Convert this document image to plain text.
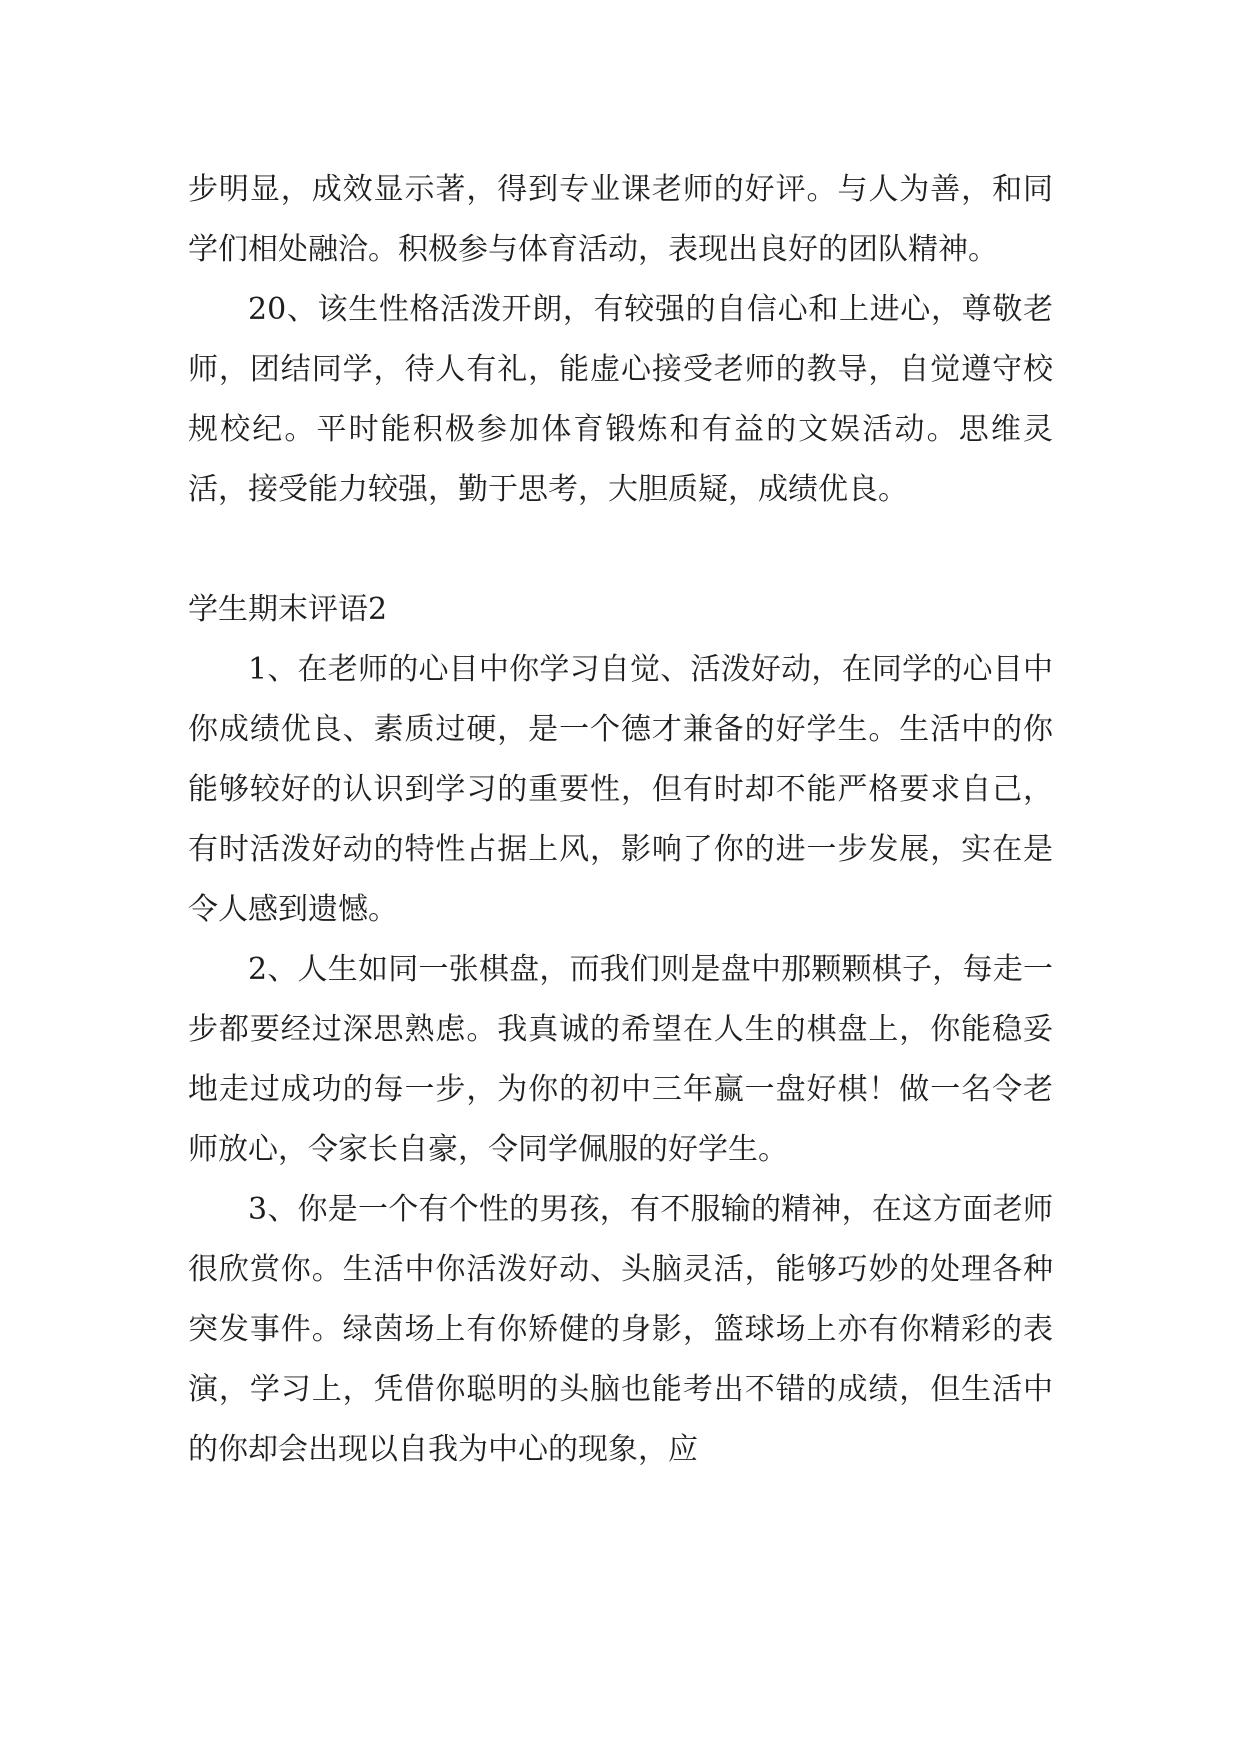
步明显，成效显示著，得到专业课老师的好评。与人为善，和同学们相处融洽。积极参与体育活动，表现出良好的团队精神。

20、该生性格活泼开朗，有较强的自信心和上进心，尊敬老师，团结同学，待人有礼，能虚心接受老师的教导，自觉遵守校规校纪。平时能积极参加体育锻炼和有益的文娱活动。思维灵活，接受能力较强，勤于思考，大胆质疑，成绩优良。

学生期末评语2

1、在老师的心目中你学习自觉、活泼好动，在同学的心目中你成绩优良、素质过硬，是一个德才兼备的好学生。生活中的你能够较好的认识到学习的重要性，但有时却不能严格要求自己，有时活泼好动的特性占据上风，影响了你的进一步发展，实在是令人感到遗憾。

2、人生如同一张棋盘，而我们则是盘中那颗颗棋子，每走一步都要经过深思熟虑。我真诚的希望在人生的棋盘上，你能稳妥地走过成功的每一步，为你的初中三年赢一盘好棋！做一名令老师放心，令家长自豪，令同学佩服的好学生。

3、你是一个有个性的男孩，有不服输的精神，在这方面老师很欣赏你。生活中你活泼好动、头脑灵活，能够巧妙的处理各种突发事件。绿茵场上有你矫健的身影，篮球场上亦有你精彩的表演，学习上，凭借你聪明的头脑也能考出不错的成绩，但生活中的你却会出现以自我为中心的现象，应
